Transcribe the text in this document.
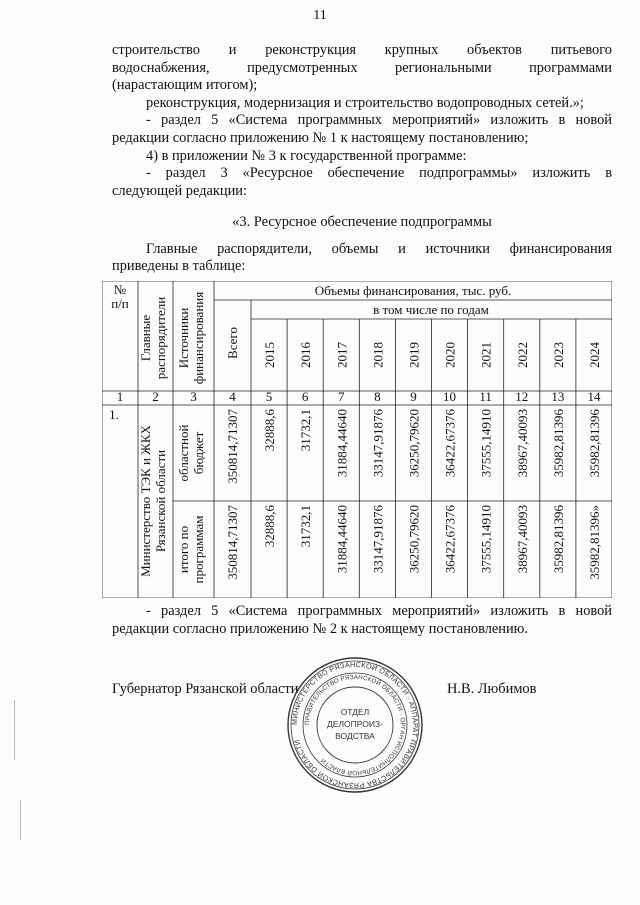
11

строительство и реконструкция крупных объектов питьевого

водоснабжения, предусмотренных региональными программами

(нарастающим итогом);

реконструкция, модернизация и строительство водопроводных сетей.»;

- раздел 5 «Система программных мероприятий» изложить в новой

редакции согласно приложению № 1 к настоящему постановлению;

4) в приложении № 3 к государственной программе:

- раздел 3 «Ресурсное обеспечение подпрограммы» изложить в

следующей редакции:

«3. Ресурсное обеспечение подпрограммы

Главные распорядители, объемы и источники финансирования

приведены в таблице:

№
п/п
Главные распорядители Источники финансирования
Объемы финансирования, тыс. руб.
Всего
в том числе по годам
2015 2016 2017 2018 2019 2020 2021 2022 2023 2024
1 2 3	4 5 6 7 8 9 10 11 12 13 14
1.
Министерство ТЭК и ЖКХ Рязанской области областной бюджет 350814,71307 32888,6 31732,1 31884,44640 33147,91876 36250,79620 36422,67376 37555,14910 38967,40093 35982,81396 35982,81396
итого по программам 350814,71307 32888,6 31732,1 31884,44640 33147,91876 36250,79620 36422,67376 37555,14910 38967,40093 35982,81396 35982,81396»

- раздел 5 «Система программных мероприятий» изложить в новой

редакции согласно приложению № 2 к настоящему постановлению.

Губернатор Рязанской области	Н.В. Любимов
МИНИСТЕРСТВО РЯЗАНСКОЙ ОБЛАСТИ · АППАРАТ ПРАВИТЕЛЬСТВА РЯЗАНСКОЙ ОБЛАСТИ
ПРАВИТЕЛЬСТВО РЯЗАНСКОЙ ОБЛАСТИ · ОРГАН ИСПОЛНИТЕЛЬНОЙ ВЛАСТИ
ОТДЕЛ
ДЕЛОПРОИЗ-
ВОДСТВА
